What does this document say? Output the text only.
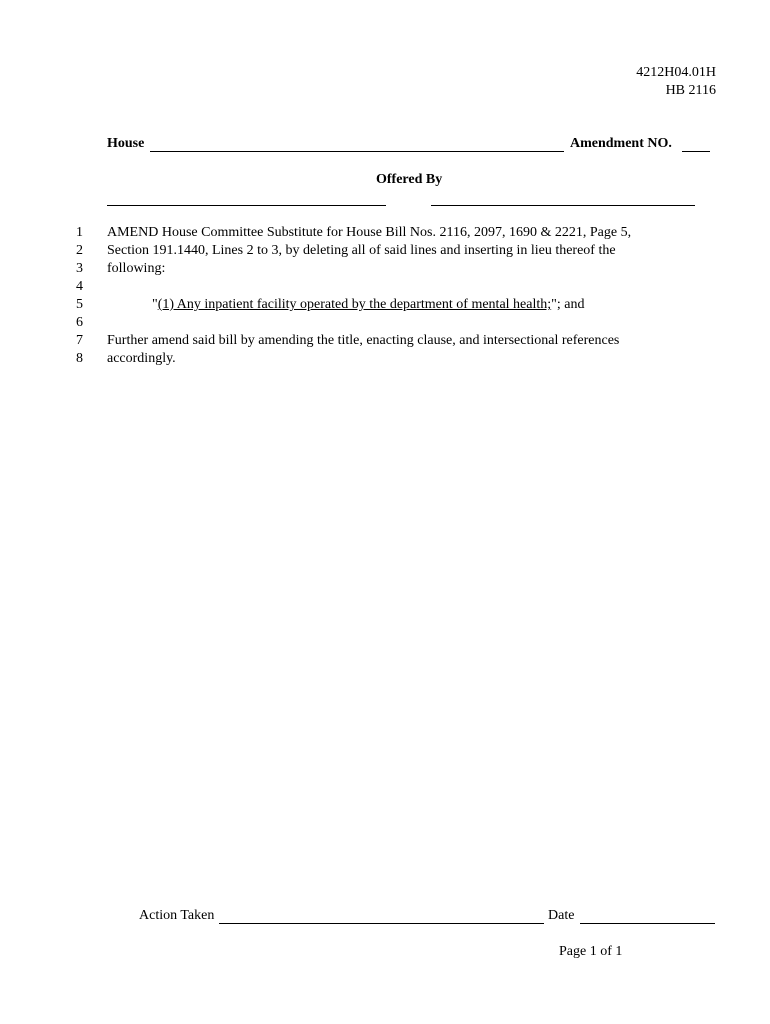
4212H04.01H
HB 2116
House	Amendment NO.
Offered By
1
2
3
4
5
6
7
8
AMEND House Committee Substitute for House Bill Nos. 2116, 2097, 1690 & 2221, Page 5,
Section 191.1440, Lines 2 to 3, by deleting all of said lines and inserting in lieu thereof the
following:
"(1) Any inpatient facility operated by the department of mental health;"; and
Further amend said bill by amending the title, enacting clause, and intersectional references
accordingly.
Action Taken	Date
Page 1 of 1
